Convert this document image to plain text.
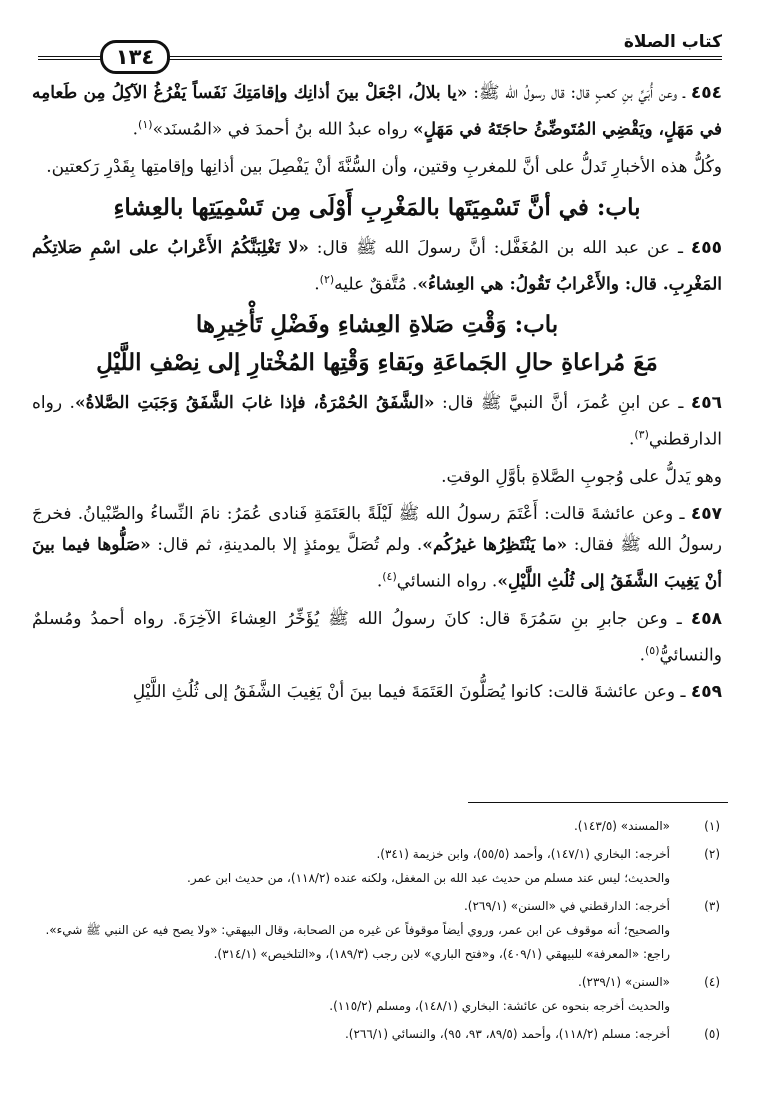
كتاب الصلاة
١٣٤

٤٥٤ ـ وعن أُبَيِّ بنِ كعبٍ قال: قال رسولُ الله ﷺ: «يا بلالُ، اجْعَلْ بينَ أذانِك وإقامَتِكَ نَفَساً يَفْرُغُ الآكِلُ مِن طَعامِه في مَهَلٍ، ويَقْضِي المُتَوضِّئُ حاجَتَهُ في مَهَلٍ» رواه عبدُ الله بنُ أحمدَ في «المُسنَد»$^{(١)}$.

وكُلُّ هذه الأخبارِ تَدلُّ على أنَّ للمغربِ وقتين، وأن السُّنَّةَ أنْ يَفْصِلَ بين أذانِها وإقامتِها بِقَدْرِ رَكعتين.

باب: في أنَّ تَسْمِيَتَها بالمَغْرِبِ أَوْلَى مِن تَسْمِيَتِها بالعِشاءِ

٤٥٥ ـ عن عبد الله بن المُغَفَّل: أنَّ رسولَ الله ﷺ قال: «لا تَغْلِبَنَّكُمُ الأَعْرابُ على اسْمِ صَلاتِكُم المَغْرِبِ. قال: والأَعْرابُ تَقُولُ: هي العِشاءُ». مُتَّفقٌ عليه$^{(٢)}$.

باب: وَقْتِ صَلاةِ العِشاءِ وفَضْلِ تَأْخِيرِها
مَعَ مُراعاةِ حالِ الجَماعَةِ وبَقاءِ وَقْتِها المُخْتارِ إلى نِصْفِ اللَّيْلِ

٤٥٦ ـ عن ابنِ عُمرَ، أنَّ النبيَّ ﷺ قال: «الشَّفَقُ الحُمْرَةُ، فإذا غابَ الشَّفَقُ وَجَبَتِ الصَّلاةُ». رواه الدارقطني$^{(٣)}$.

وهو يَدلُّ على وُجوبِ الصَّلاةِ بأوَّلِ الوقتِ.

٤٥٧ ـ وعن عائشةَ قالت: أَعْتَمَ رسولُ الله ﷺ لَيْلَةً بالعَتَمَةِ فَنادى عُمَرُ: نامَ النِّساءُ والصِّبْيانُ. فخرجَ رسولُ الله ﷺ فقال: «ما يَنْتَظِرُها غيرُكُم». ولم تُصَلَّ يومئذٍ إلا بالمدينةِ، ثم قال: «صَلُّوها فيما بينَ أنْ يَغِيبَ الشَّفَقُ إلى ثُلُثِ اللَّيْلِ». رواه النسائي$^{(٤)}$.

٤٥٨ ـ وعن جابرِ بنِ سَمُرَةَ قال: كانَ رسولُ الله ﷺ يُؤَخِّرُ العِشاءَ الآخِرَةَ. رواه أحمدُ ومُسلمٌ والنسائيُّ$^{(٥)}$.

٤٥٩ ـ وعن عائشةَ قالت: كانوا يُصَلُّونَ العَتَمَةَ فيما بينَ أنْ يَغِيبَ الشَّفَقُ إلى ثُلُثِ اللَّيْلِ

(١)
«المسند» (١٤٣/٥).
(٢)
أخرجه: البخاري (١٤٧/١)، وأحمد (٥٥/٥)، وابن خزيمة (٣٤١).
والحديث؛ ليس عند مسلم من حديث عبد الله بن المغفل، ولكنه عنده (١١٨/٢)، من حديث ابن عمر.
(٣)
أخرجه: الدارقطني في «السنن» (٢٦٩/١).
والصحيح؛ أنه موقوف عن ابن عمر، وروي أيضاً موقوفاً عن غيره من الصحابة، وقال البيهقي: «ولا يصح فيه عن النبي ﷺ شيء».
راجع: «المعرفة» للبيهقي (٤٠٩/١)، و«فتح الباري» لابن رجب (١٨٩/٣)، و«التلخيص» (٣١٤/١).
(٤)
«السنن» (٢٣٩/١).
والحديث أخرجه بنحوه عن عائشة: البخاري (١٤٨/١)، ومسلم (١١٥/٢).
(٥)
أخرجه: مسلم (١١٨/٢)، وأحمد (٨٩/٥، ٩٣، ٩٥)، والنسائي (٢٦٦/١).
